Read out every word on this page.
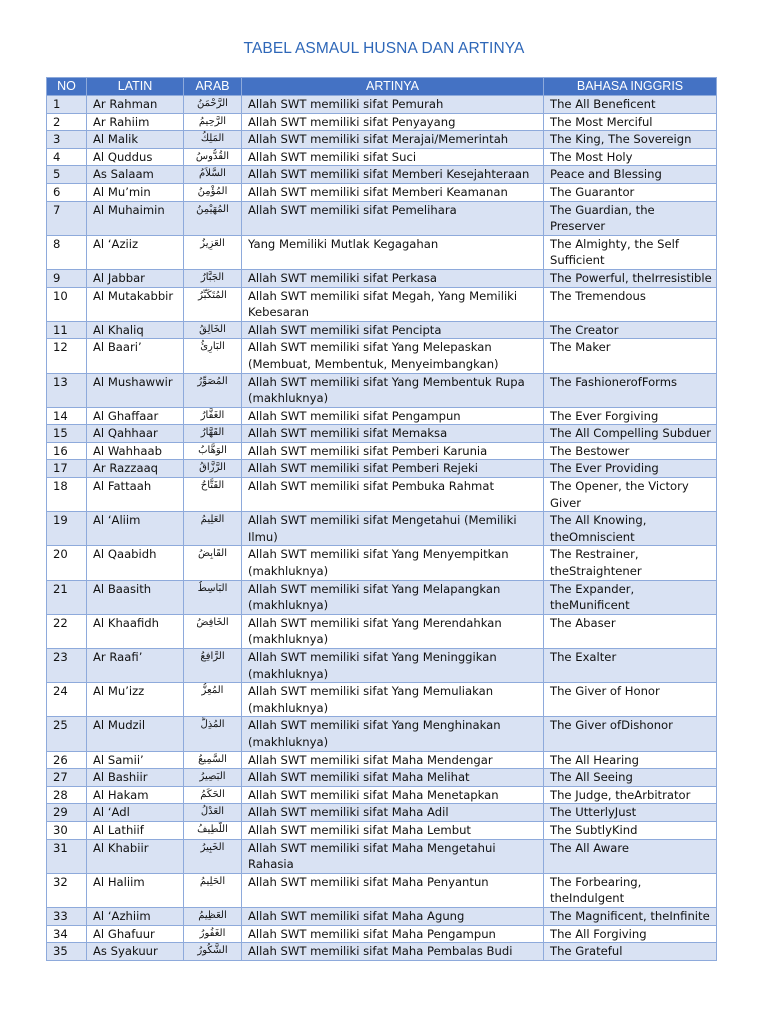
TABEL ASMAUL HUSNA DAN ARTINYA
NO	LATIN	ARAB	ARTINYA	BAHASA INGGRIS
1	Ar Rahman	الرَّحْمَنُ	Allah SWT memiliki sifat Pemurah	The All Beneficent
2	Ar Rahiim	الرَّحِيمُ	Allah SWT memiliki sifat Penyayang	The Most Merciful
3	Al Malik	المَلِكُ	Allah SWT memiliki sifat Merajai/Memerintah	The King, The Sovereign
4	Al Quddus	القُدُّوسُ	Allah SWT memiliki sifat Suci	The Most Holy
5	As Salaam	السَّلاَمُ	Allah SWT memiliki sifat Memberi Kesejahteraan	Peace and Blessing
6	Al Mu’min	المُؤْمِنُ	Allah SWT memiliki sifat Memberi Keamanan	The Guarantor
7	Al Muhaimin	المُهَيْمِنُ	Allah SWT memiliki sifat Pemelihara	The Guardian, the Preserver
8	Al ‘Aziiz	العَزِيزُ	Yang Memiliki Mutlak Kegagahan	The Almighty, the Self Sufficient
9	Al Jabbar	الجَبَّارُ	Allah SWT memiliki sifat Perkasa	The Powerful, theIrresistible
10	Al Mutakabbir	المُتَكَبِّرُ	Allah SWT memiliki sifat Megah, Yang Memiliki Kebesaran	The Tremendous
11	Al Khaliq	الخَالِقُ	Allah SWT memiliki sifat Pencipta	The Creator
12	Al Baari’	البَارِئُ	Allah SWT memiliki sifat Yang Melepaskan (Membuat, Membentuk, Menyeimbangkan)	The Maker
13	Al Mushawwir	المُصَوِّرُ	Allah SWT memiliki sifat Yang Membentuk Rupa (makhluknya)	The FashionerofForms
14	Al Ghaffaar	الغَفَّارُ	Allah SWT memiliki sifat Pengampun	The Ever Forgiving
15	Al Qahhaar	القَهَّارُ	Allah SWT memiliki sifat Memaksa	The All Compelling Subduer
16	Al Wahhaab	الوَهَّابُ	Allah SWT memiliki sifat Pemberi Karunia	The Bestower
17	Ar Razzaaq	الرَّزَّاقُ	Allah SWT memiliki sifat Pemberi Rejeki	The Ever Providing
18	Al Fattaah	الفَتَّاحُ	Allah SWT memiliki sifat Pembuka Rahmat	The Opener, the Victory Giver
19	Al ‘Aliim	العَلِيمُ	Allah SWT memiliki sifat Mengetahui (Memiliki Ilmu)	The All Knowing, theOmniscient
20	Al Qaabidh	القَابِضُ	Allah SWT memiliki sifat Yang Menyempitkan (makhluknya)	The Restrainer, theStraightener
21	Al Baasith	البَاسِطُ	Allah SWT memiliki sifat Yang Melapangkan (makhluknya)	The Expander, theMunificent
22	Al Khaafidh	الخَافِضُ	Allah SWT memiliki sifat Yang Merendahkan (makhluknya)	The Abaser
23	Ar Raafi’	الرَّافِعُ	Allah SWT memiliki sifat Yang Meninggikan (makhluknya)	The Exalter
24	Al Mu’izz	المُعِزُّ	Allah SWT memiliki sifat Yang Memuliakan (makhluknya)	The Giver of Honor
25	Al Mudzil	المُذِلُّ	Allah SWT memiliki sifat Yang Menghinakan (makhluknya)	The Giver ofDishonor
26	Al Samii’	السَّمِيعُ	Allah SWT memiliki sifat Maha Mendengar	The All Hearing
27	Al Bashiir	البَصِيرُ	Allah SWT memiliki sifat Maha Melihat	The All Seeing
28	Al Hakam	الحَكَمُ	Allah SWT memiliki sifat Maha Menetapkan	The Judge, theArbitrator
29	Al ‘Adl	العَدْلُ	Allah SWT memiliki sifat Maha Adil	The UtterlyJust
30	Al Lathiif	اللَّطِيفُ	Allah SWT memiliki sifat Maha Lembut	The SubtlyKind
31	Al Khabiir	الخَبِيرُ	Allah SWT memiliki sifat Maha Mengetahui Rahasia	The All Aware
32	Al Haliim	الحَلِيمُ	Allah SWT memiliki sifat Maha Penyantun	The Forbearing, theIndulgent
33	Al ‘Azhiim	العَظِيمُ	Allah SWT memiliki sifat Maha Agung	The Magnificent, theInfinite
34	Al Ghafuur	الغَفُورُ	Allah SWT memiliki sifat Maha Pengampun	The All Forgiving
35	As Syakuur	الشَّكُورُ	Allah SWT memiliki sifat Maha Pembalas Budi	The Grateful
